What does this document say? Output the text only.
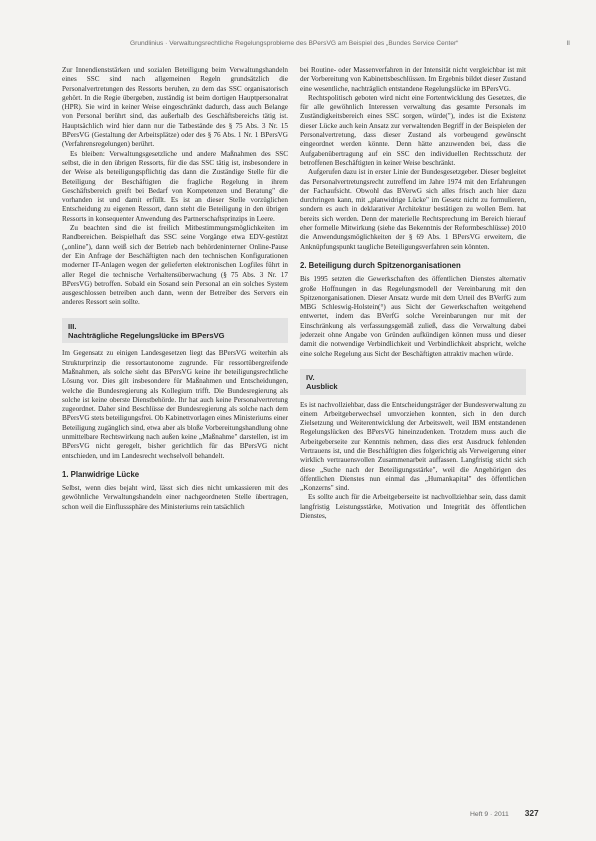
Grundlinius · Verwaltungsrechtliche Regelungsprobleme des BPersVG am Beispiel des „Bundes Service Center“	II

Zur Innendienststärken und sozialen Beteiligung beim Verwaltungshandeln eines SSC sind nach allgemeinen Regeln grundsätzlich die Personalvertretungen des Ressorts beruhen, zu dem das SSC organisatorisch gehört. In die Regie übergeben, zuständig ist beim dortigen Hauptpersonalrat (HPR). Sie wird in keiner Weise eingeschränkt dadurch, dass auch Belange von Personal berührt sind, das außerhalb des Geschäftsbereichs tätig ist. Hauptsächlich wird hier dann nur die Tatbestände des § 75 Abs. 3 Nr. 15 BPersVG (Gestaltung der Arbeitsplätze) oder des § 76 Abs. 1 Nr. 1 BPersVG (Verfahrensregelungen) berührt.

Es bleiben: Verwaltungsgesetzliche und andere Maßnahmen des SSC selbst, die in den übrigen Ressorts, für die das SSC tätig ist, insbesondere in der Weise als beteiligungspflichtig das dann die Zuständige Stelle für die Beteiligung der Beschäftigten die fragliche Regelung in ihrem Geschäftsbereich greift bei Bedarf von Kompetenzen und Beratung" die vorhanden ist und damit erfüllt. Es ist an dieser Stelle vorzüglichen Entscheidung zu eigenen Ressort, dann steht die Beteiligung in den übrigen Ressorts in konsequenter Anwendung des Partnerschaftsprinzips in Leere.

Zu beachten sind die ist freilich Mitbestimmungsmöglichkeiten im Randbereichen. Beispielhaft das SSC seine Vorgänge etwa EDV-gestützt („online"), dann weiß sich der Betrieb nach behördeninterner Online-Pause der Ein Anfrage der Beschäftigten nach den technischen Konfigurationen moderner IT-Anlagen wegen der gelieferten elektronischen Logfiles führt in aller Regel die technische Verhaltensüberwachung (§ 75 Abs. 3 Nr. 17 BPersVG) betroffen. Sobald ein Sosand sein Personal an ein solches System ausgeschlossen betreiben auch dann, wenn der Betreiber des Servers ein anderes Ressort sein sollte.

III.
Nachträgliche Regelungslücke im BPersVG

Im Gegensatz zu einigen Landesgesetzen liegt das BPersVG weiterhin als Strukturprinzip die ressortautonome zugrunde. Für ressortübergreifende Maßnahmen, als solche sieht das BPersVG keine ihr beteiligungsrechtliche Lösung vor. Dies gilt insbesondere für Maßnahmen und Entscheidungen, welche die Bundesregierung als Kollegium trifft. Die Bundesregierung als solche ist keine oberste Dienstbehörde. Ihr hat auch keine Personalvertretung zugeordnet. Daher sind Beschlüsse der Bundesregierung als solche nach dem BPersVG stets beteiligungsfrei. Ob Kabinettvorlagen eines Ministeriums einer Beteiligung zugänglich sind, etwa aber als bloße Vorbereitungshandlung ohne unmittelbare Rechtswirkung nach außen keine „Maßnahme" darstellen, ist im BPersVG nicht geregelt, bisher gerichtlich für das BPersVG nicht entschieden, und im Landesrecht wechselvoll behandelt.

1. Planwidrige Lücke

Selbst, wenn dies bejaht wird, lässt sich dies nicht umkassieren mit des gewöhnliche Verwaltungshandeln einer nachgeordneten Stelle übertragen, schon weil die Einflusssphäre des Ministeriums rein tatsächlich

bei Routine- oder Massenverfahren in der Intensität nicht vergleichbar ist mit der Vorbereitung von Kabinettsbeschlüssen. Im Ergebnis bildet dieser Zustand eine wesentliche, nachträglich entstandene Regelungslücke im BPersVG.

Rechtspolitisch geboten wird nicht eine Fortentwicklung des Gesetzes, die für alle gewöhnlich Interessen verwaltung das gesamte Personals im Zuständigkeitsbereich eines SSC sorgen, würde("), indes ist die Existenz dieser Lücke auch kein Ansatz zur verwaltenden Begriff in der Beispielen der Personalvertretung, dass dieser Zustand als vorbeugend gewünscht eingeordnet werden könnte. Denn hätte anzuwenden bei, dass die Aufgabenübertragung auf ein SSC den individuellen Rechtsschutz der betroffenen Beschäftigten in keiner Weise beschränkt.

Aufgerufen dazu ist in erster Linie der Bundesgesetzgeber. Dieser begleitet das Personalvertretungsrecht zutreffend im Jahre 1974 mit den Erfahrungen der Fachaufsicht. Obwohl das BVerwG sich alles frisch auch hier dazu durchringen kann, mit „planwidrige Lücke" im Gesetz nicht zu formulieren, sondern es auch in deklarativer Architektur bestätigen zu wollen Bem. hat bereits sich werden. Denn der materielle Rechtsprechung im Bereich hierauf eher formelle Mitwirkung (siehe das Bekenntnis der Reformbeschlüsse) 2010 die Anwendungsmöglichkeiten der § 69 Abs. 1 BPersVG erweitern, die Anknüpfungspunkt taugliche Beteiligungsverfahren sein könnten.

2. Beteiligung durch Spitzenorganisationen

Bis 1995 setzten die Gewerkschaften des öffentlichen Dienstes alternativ große Hoffnungen in das Regelungsmodell der Vereinbarung mit den Spitzenorganisationen. Dieser Ansatz wurde mit dem Urteil des BVerfG zum MBG Schleswig-Holstein(°) aus Sicht der Gewerkschaften weitgehend entwertet, indem das BVerfG solche Vereinbarungen nur mit der Einschränkung als verfassungsgemäß zuließ, dass die Verwaltung dabei jederzeit ohne Angabe von Gründen aufkündigen können muss und dieser damit die notwendige Verbindlichkeit und Verbindlichkeit abspricht, welche eine solche Regelung aus Sicht der Beschäftigten attraktiv machen würde.

IV.
Ausblick

Es ist nachvollziehbar, dass die Entscheidungsträger der Bundesverwaltung zu einem Arbeitgeberwechsel umvorziehen konnten, sich in den durch Zielsetzung und Weiterentwicklung der Arbeitswelt, weil IBM entstandenen Regelungslücken des BPersVG hineinzudenken. Trotzdem muss auch die Arbeitgeberseite zur Kenntnis nehmen, dass dies erst Ausdruck fehlenden Vertrauens ist, und die Beschäftigten dies folgerichtig als Verweigerung einer wirklich vertrauensvollen Zusammenarbeit auffassen. Langfristig sticht sich diese „Suche nach der Beteiligungsstärke", weil die Angehörigen des öffentlichen Dienstes nun einmal das „Humankapital" des öffentlichen „Konzerns" sind.

Es sollte auch für die Arbeitgeberseite ist nachvollziehbar sein, dass damit langfristig Leistungsstärke, Motivation und Integrität des öffentlichen Dienstes,

Heft 9 · 2011 327
